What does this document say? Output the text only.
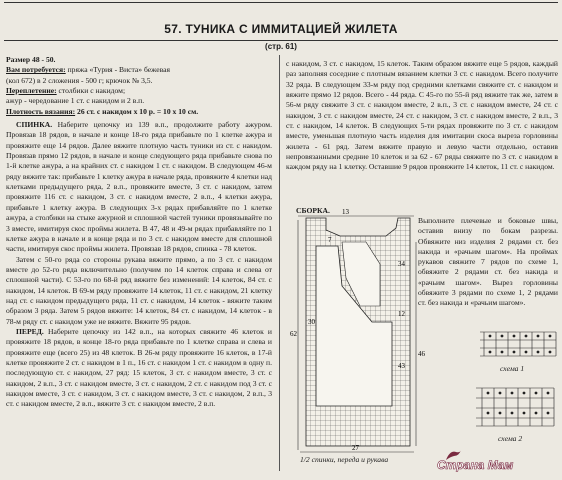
57. ТУНИКА С ИММИТАЦИЕЙ ЖИЛЕТА
(стр. 61)

Размер 48 - 50.

Вам потребуется: пряжа «Турия - Виста» бежевая

(кол 672) в 2 сложения - 500 г; крючок № 3,5.

Переплетение: столбики с накидом;

ажур - чередование 1 ст. с накидом и 2 в.п.

Плотность вязания: 26 ст. с накидом х 10 р. = 10 х 10 см.

СПИНКА. Наберите цепочку из 139 в.п., продолжите работу ажуром. Провязав 18 рядов, в начале и конце 18-го ряда прибавьте по 1 клетке ажура и провяжите еще 14 рядов. Далее вяжите плотную часть туники из ст. с накидом. Провязав прямо 12 рядов, в начале и конце следующего ряда прибавьте снова по 1-й клетке ажура, а на крайних ст. с накидом 1 ст. с накидом. В следующем 46-м ряду вяжите так: прибавьте 1 клетку ажура в начале ряда, провяжите 4 клетки над клетками предыдущего ряда, 2 в.п., провяжите вместе, 3 ст. с накидом, затем провяжите 116 ст. с накидом, 3 ст. с накидом вместе, 2 в.п., 4 клетки ажура, прибавьте 1 клетку ажура. В следующих 3-х рядах прибавляйте по 1 клетке ажура, а столбики на стыке ажурной и сплошной частей туники провязывайте по 3 вместе, имитируя скос проймы жилета. В 47, 48 и 49-м рядах прибавляйте по 1 клетке ажура в начале и в конце ряда и по 3 ст. с накидом вместе для сплошной части, имитируя скос проймы жилета. Провязав 18 рядов, спинка - 78 клеток.

Затем с 50-го ряда со стороны рукава вяжите прямо, а по 3 ст. с накидом вместе до 52-го ряда включительно (получим по 14 клеток справа и слева от сплошной части). С 53-го по 68-й ряд вяжите без изменений: 14 клеток, 84 ст. с накидом, 14 клеток. В 69-м ряду провяжите 14 клеток, 11 ст. с накидом, 21 клетку над ст. с накидом предыдущего ряда, 11 ст. с накидом, 14 клеток - вяжите таким образом 3 ряда. Затем 5 рядов вяжите: 14 клеток, 84 ст. с накидом, 14 клеток - в 78-м ряду ст. с накидом уже не вяжите. Вяжите 95 рядов.

ПЕРЕД. Наберите цепочку из 142 в.п., на которых свяжите 46 клеток и провяжите 18 рядов, в конце 18-го ряда прибавьте по 1 клетке справа и слева и провяжите еще (всего 25) из 48 клеток. В 26-м ряду провяжите 16 клеток, в 17-й клетке провяжите 2 ст. с накидом в 1 п., 16 ст. с накидом 1 ст. с накидом в одну п. последующую ст. с накидом, 27 ряд: 15 клеток, 3 ст. с накидом вместе, 3 ст. с накидом, 2 в.п., 3 ст. с накидом вместе, 3 ст. с накидом, 2 ст. с накидом под 3 ст. с накидом вместе, 3 ст. с накидом, 3 ст. с накидом вместе, 3 ст. с накидом, 2 в.п., 3 ст. с накидом вместе, 2 в.п., вяжите 3 ст. с накидом вместе, 2 в.п.

с накидом, 3 ст. с накидом, 15 клеток. Таким образом вяжите еще 5 рядов, каждый раз заполняя соседние с плотным вязанием клетки 3 ст. с накидом. Всего получите 32 ряда. В следующем 33-м ряду под средними клетками свяжите ст. с накидом и вяжите прямо 12 рядов. Всего - 44 ряда. С 45-го по 55-й ряд вяжите так же, затем в 56-м ряду свяжите 3 ст. с накидом вместе, 2 в.п., 3 ст. с накидом вместе, 24 ст. с накидом, 3 ст. с накидом вместе, 24 ст. с накидом, 3 ст. с накидом вместе, 2 в.п., 3 ст. с накидом, 14 клеток. В следующих 5-ти рядах провяжите по 3 ст. с накидом вместе, уменьшая плотную часть изделия для имитации скоса выреза горловины жилета - 61 ряд. Затем вяжите правую и левую части отдельно, оставив непровязанными средние 10 клеток и за 62 - 67 ряды свяжите по 3 ст. с накидом в каждом ряду на 1 клетку. Оставшие 9 рядов провяжите 14 клеток, 11 ст. с накидом.

СБОРКА.

Выполните плечевые и боковые швы, оставив внизу по бокам разрезы. Обвяжите низ изделия 2 рядами ст. без накида и «рачьим шагом». На проймах рукавов свяжите 7 рядов по схеме 1, обвяжите 2 рядами ст. без накида и «рачьим шагом». Вырез горловины обвяжите 3 рядами по схеме 1, 2 рядами ст. без накида и «рачьим шагом».
13
62
46
43
27
7
34
12
30
схема 1
схема 2
1/2 спинки, переда и рукава	Страна Мам
